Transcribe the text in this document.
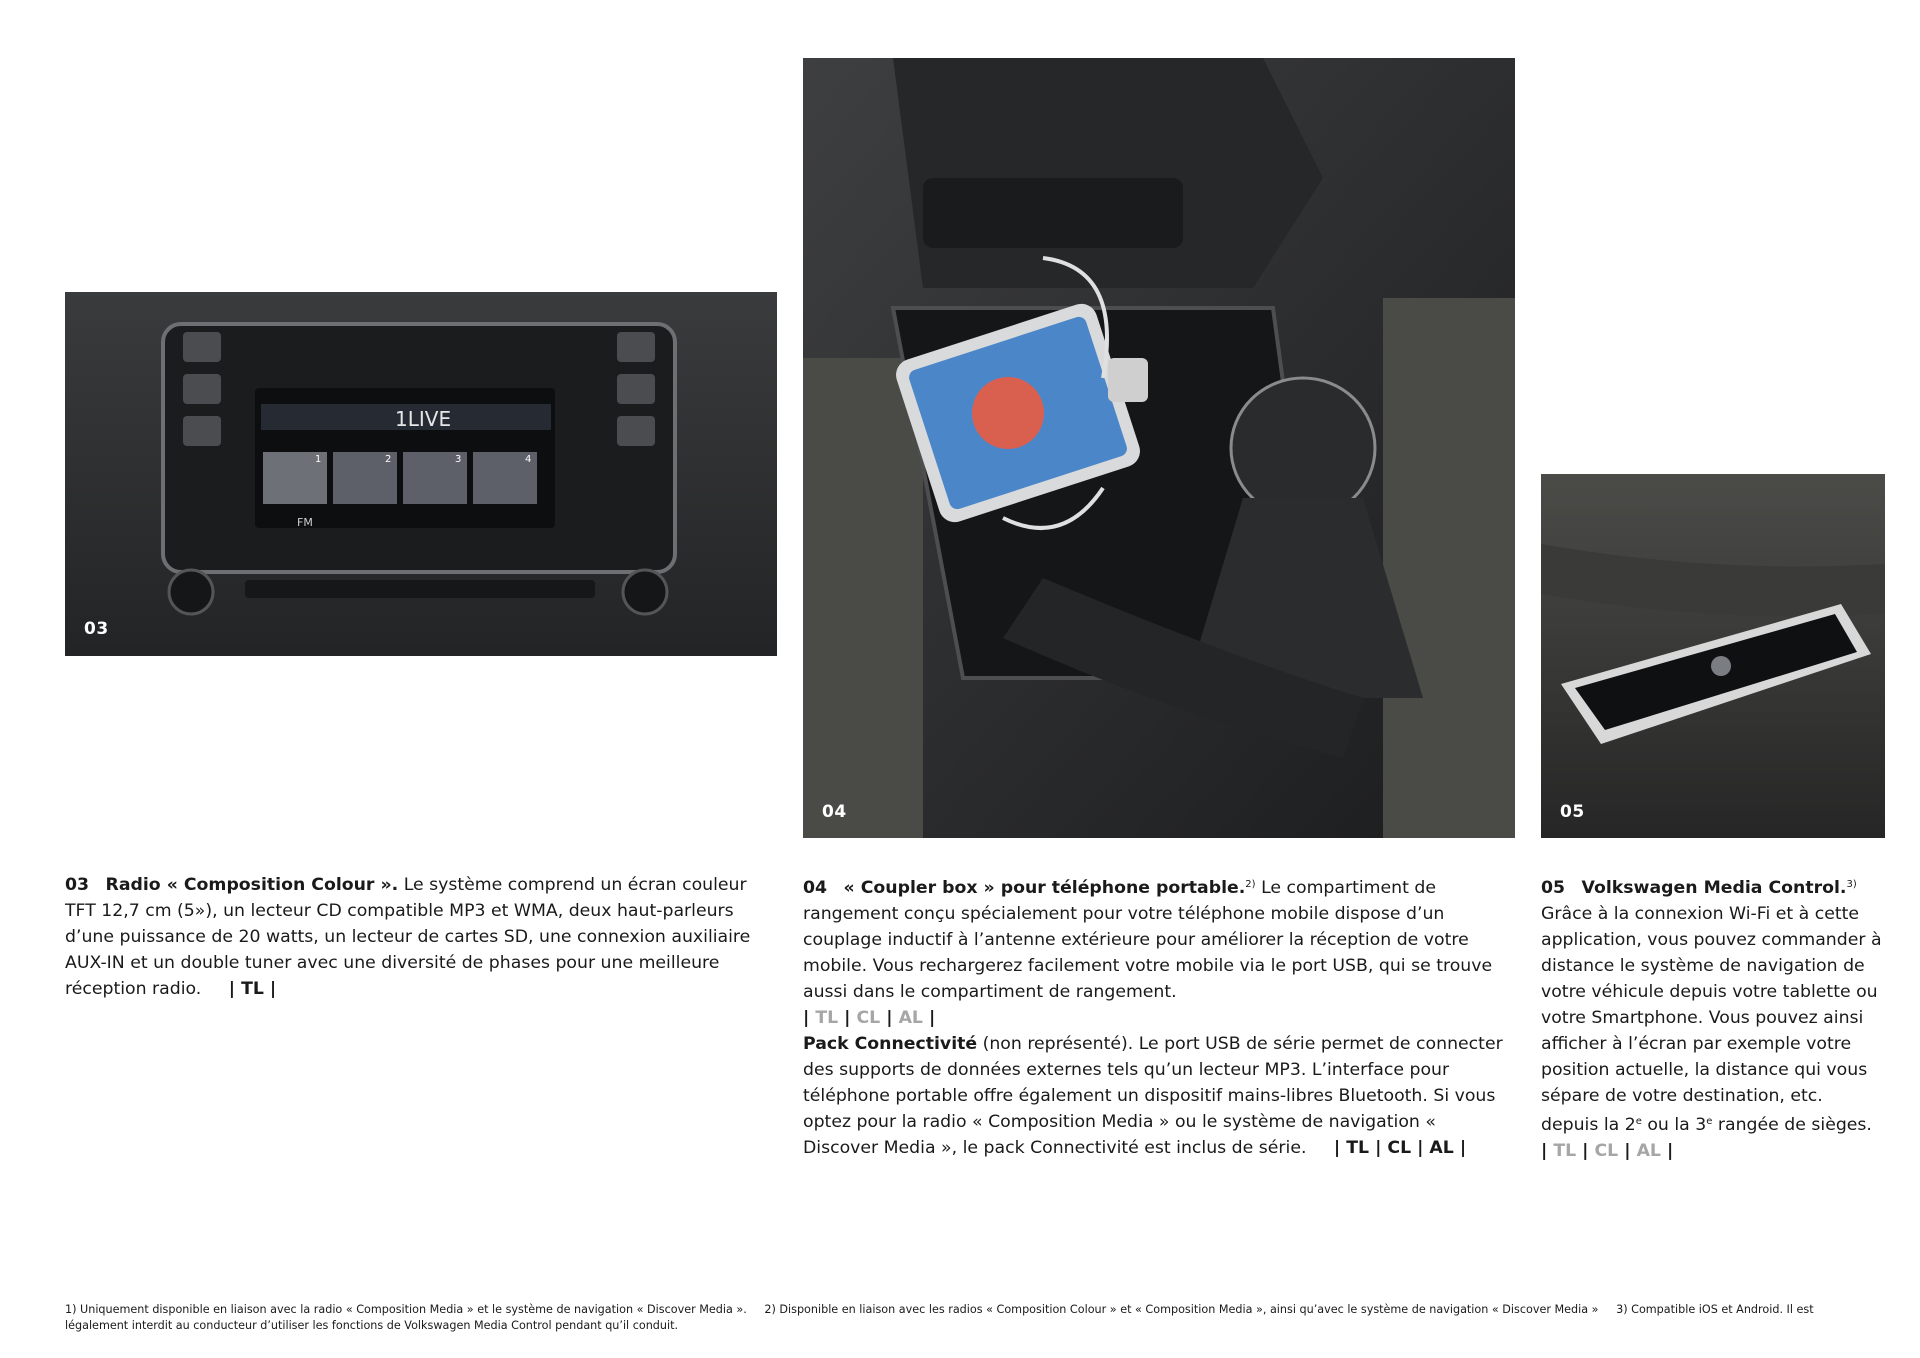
1LIVE
FM
1	2	3	4
03
04	05

03 Radio « Composition Colour ». Le système comprend un écran couleur TFT 12,7 cm (5»), un lecteur CD compatible MP3 et WMA, deux haut-parleurs d’une puissance de 20 watts, un lecteur de cartes SD, une connexion auxiliaire AUX-IN et un double tuner avec une diversité de phases pour une meilleure réception radio. | TL |

04 « Coupler box » pour téléphone portable.$^{2)}$ Le compartiment de rangement conçu spécialement pour votre téléphone mobile dispose d’un couplage inductif à l’antenne extérieure pour améliorer la réception de votre mobile. Vous rechargerez facilement votre mobile via le port USB, qui se trouve aussi dans le compartiment de rangement.

| TL | CL | AL |

Pack Connectivité (non représenté). Le port USB de série permet de connecter des supports de données externes tels qu’un lecteur MP3. L’interface pour téléphone portable offre également un dispositif mains-libres Bluetooth. Si vous optez pour la radio « Composition Media » ou le système de navigation « Discover Media », le pack Connectivité est inclus de série. | TL | CL | AL |

05 Volkswagen Media Control.$^{3)}$ Grâce à la connexion Wi-Fi et à cette application, vous pouvez commander à distance le système de navigation de votre véhicule depuis votre tablette ou votre Smartphone. Vous pouvez ainsi afficher à l’écran par exemple votre position actuelle, la distance qui vous sépare de votre destination, etc. depuis la 2e ou la 3e rangée de sièges.

| TL | CL | AL |

1) Uniquement disponible en liaison avec la radio « Composition Media » et le système de navigation « Discover Media ». 2) Disponible en liaison avec les radios « Composition Colour » et « Composition Media », ainsi qu’avec le système de navigation « Discover Media » 3) Compatible iOS et Android. Il est
légalement interdit au conducteur d’utiliser les fonctions de Volkswagen Media Control pendant qu’il conduit.
